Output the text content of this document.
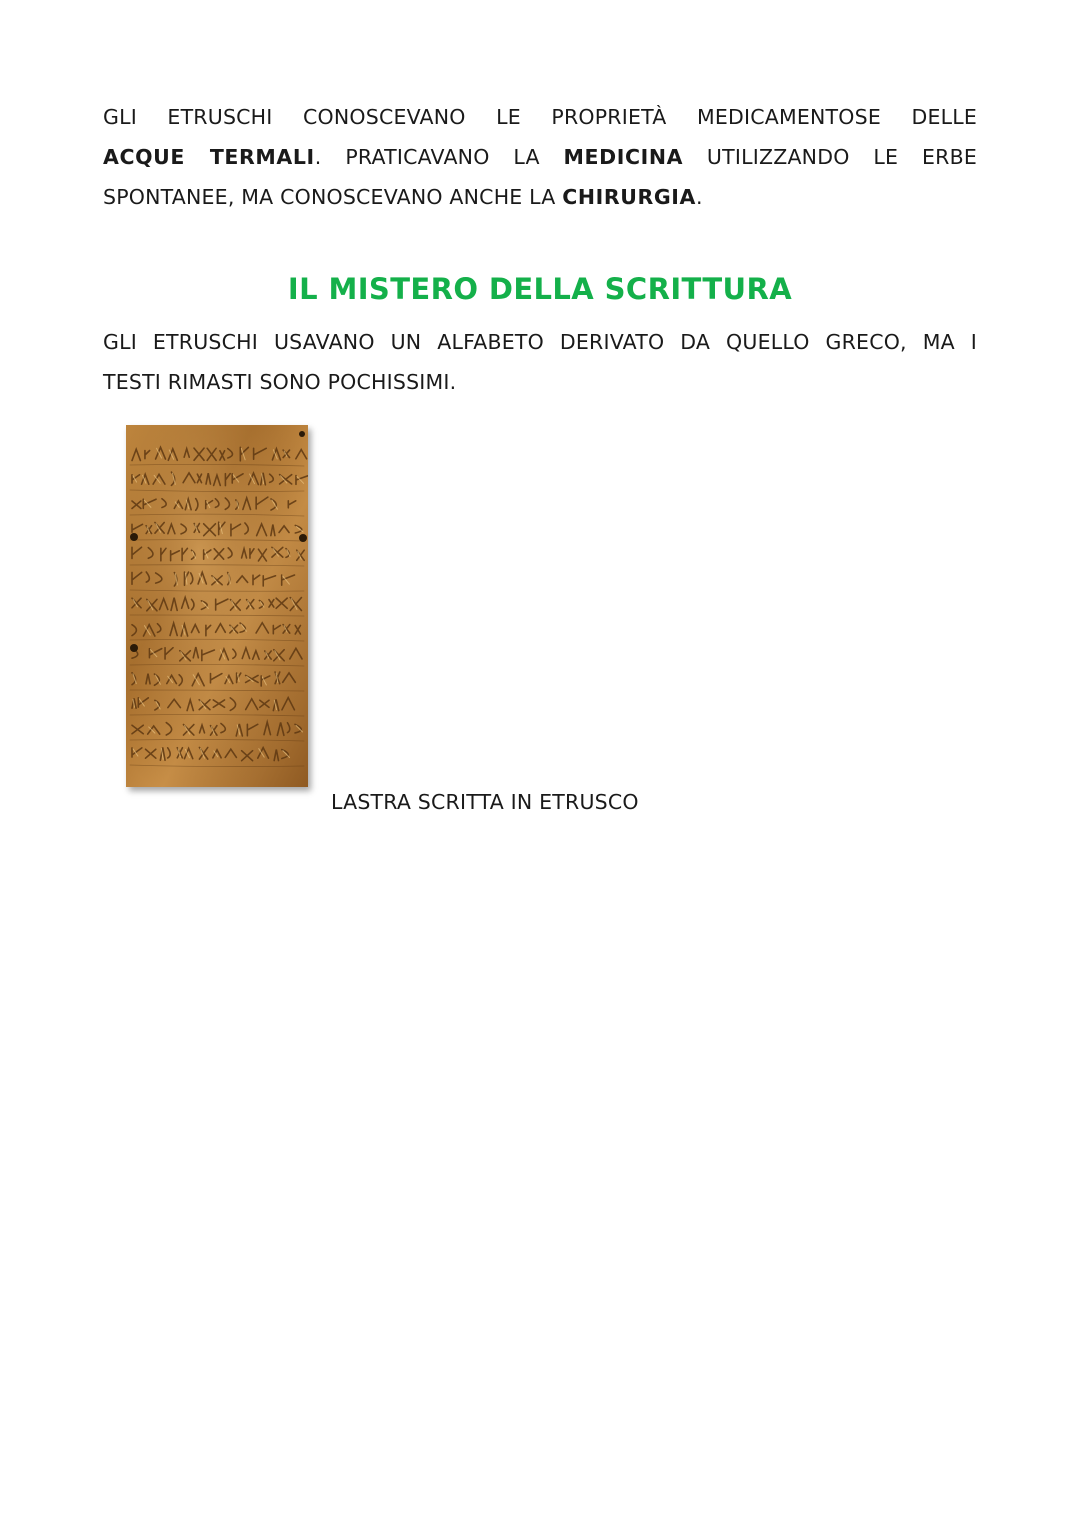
GLI ETRUSCHI CONOSCEVANO LE PROPRIETÀ MEDICAMENTOSE DELLE
ACQUE TERMALI. PRATICAVANO LA MEDICINA UTILIZZANDO LE ERBE
SPONTANEE, MA CONOSCEVANO ANCHE LA CHIRURGIA.
IL MISTERO DELLA SCRITTURA
GLI ETRUSCHI USAVANO UN ALFABETO DERIVATO DA QUELLO GRECO, MA I
TESTI RIMASTI SONO POCHISSIMI.
LASTRA SCRITTA IN ETRUSCO
